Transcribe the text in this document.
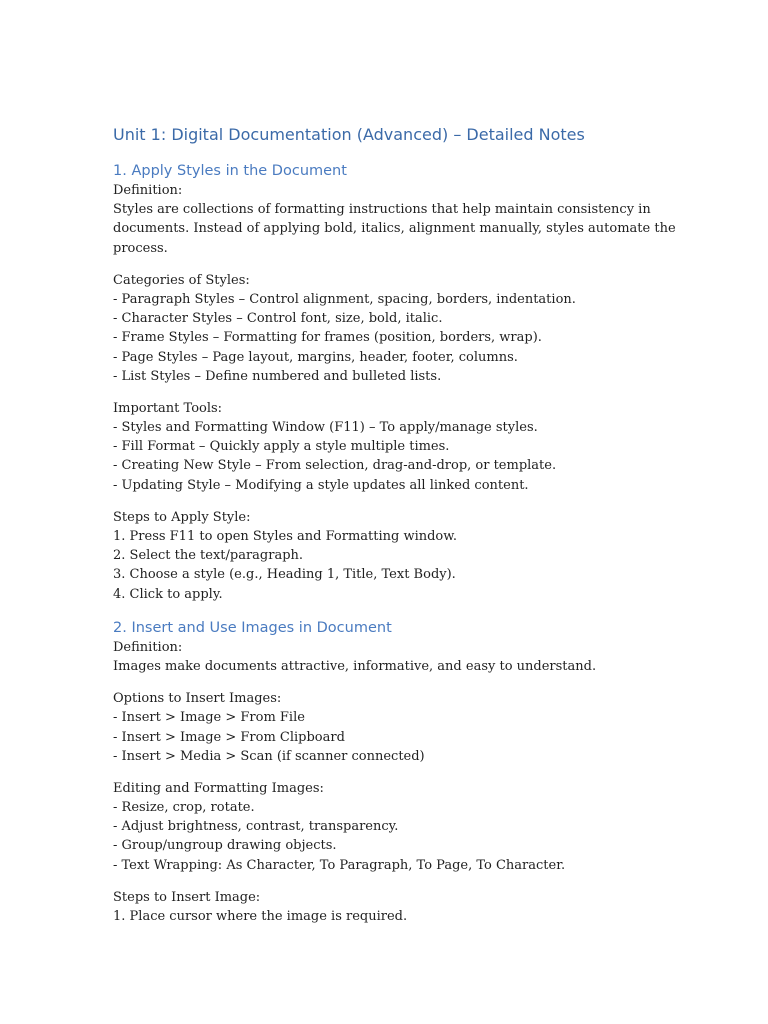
Unit 1: Digital Documentation (Advanced) – Detailed Notes
1. Apply Styles in the Document
Definition:
Styles are collections of formatting instructions that help maintain consistency in
documents. Instead of applying bold, italics, alignment manually, styles automate the
process.
Categories of Styles:
- Paragraph Styles – Control alignment, spacing, borders, indentation.
- Character Styles – Control font, size, bold, italic.
- Frame Styles – Formatting for frames (position, borders, wrap).
- Page Styles – Page layout, margins, header, footer, columns.
- List Styles – Define numbered and bulleted lists.
Important Tools:
- Styles and Formatting Window (F11) – To apply/manage styles.
- Fill Format – Quickly apply a style multiple times.
- Creating New Style – From selection, drag-and-drop, or template.
- Updating Style – Modifying a style updates all linked content.
Steps to Apply Style:
1. Press F11 to open Styles and Formatting window.
2. Select the text/paragraph.
3. Choose a style (e.g., Heading 1, Title, Text Body).
4. Click to apply.
2. Insert and Use Images in Document
Definition:
Images make documents attractive, informative, and easy to understand.
Options to Insert Images:
- Insert > Image > From File
- Insert > Image > From Clipboard
- Insert > Media > Scan (if scanner connected)
Editing and Formatting Images:
- Resize, crop, rotate.
- Adjust brightness, contrast, transparency.
- Group/ungroup drawing objects.
- Text Wrapping: As Character, To Paragraph, To Page, To Character.
Steps to Insert Image:
1. Place cursor where the image is required.
